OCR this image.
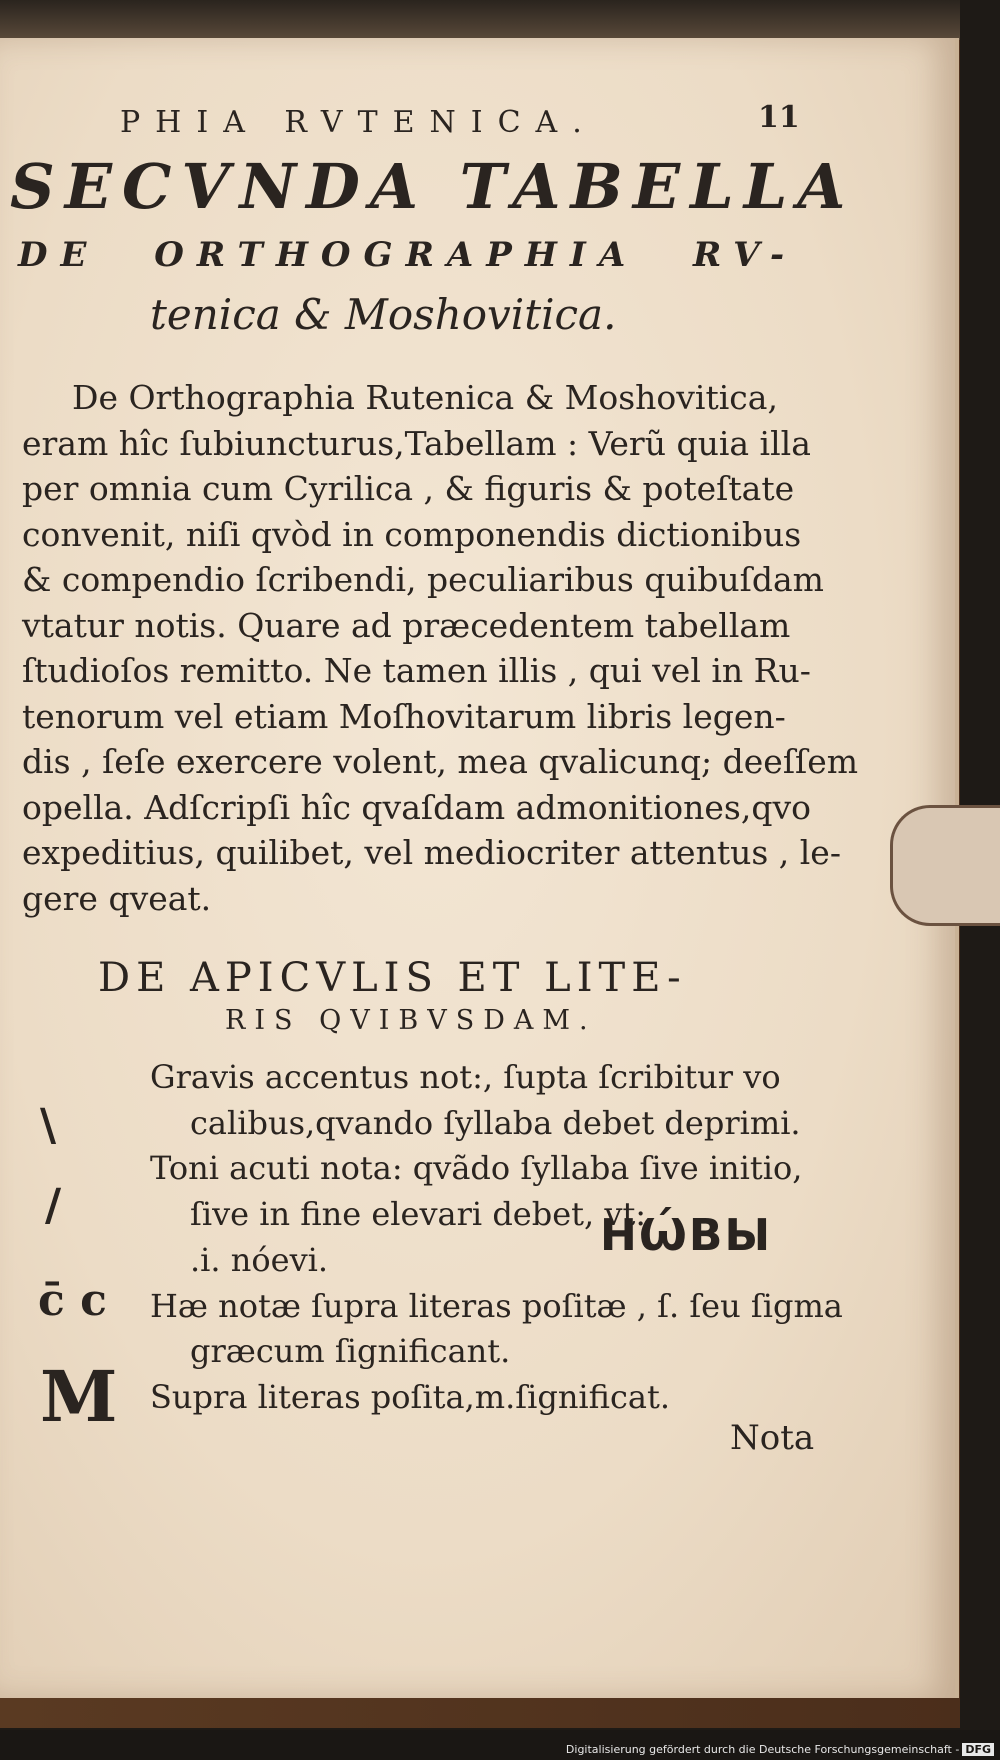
PHIA RVTENICA.	11
SECVNDA TABELLA
DE ORTHOGRAPHIA RV-
tenica & Moshovitica.
De Orthographia Rutenica & Moshovitica,
eram hîc ſubiuncturus,Tabellam : Verũ quia illa
per omnia cum Cyrilica , & figuris & poteſtate
convenit, niſi qvòd in componendis dictionibus
& compendio ſcribendi, peculiaribus quibuſdam
vtatur notis. Quare ad præcedentem tabellam
ſtudioſos remitto. Ne tamen illis , qui vel in Ru-
tenorum vel etiam Moſhovitarum libris legen-
dis , ſeſe exercere volent, mea qvalicunq; deeſſem
opella. Adſcripſi hîc qvaſdam admonitiones,qvo
expeditius, quilibet, vel mediocriter attentus , le-
gere qveat.
DE APICVLIS ET LITE-
RIS QVIBVSDAM.
\
/
c̄ c
M
Gravis accentus not:, ſupta ſcribitur vo
calibus,qvando ſyllaba debet deprimi.
Toni acuti nota: qvãdo ſyllaba ſive initio,
ſive in fine elevari debet, vt:
.i. nóevi.
Hæ notæ ſupra literas poſitæ , ſ. ſeu ſigma
græcum ſignificant.
Supra literas poſita,m.ſignificat.
НѠ́ВЫ
Nota
Digitalisierung gefördert durch die Deutsche Forschungsgemeinschaft - DFG
